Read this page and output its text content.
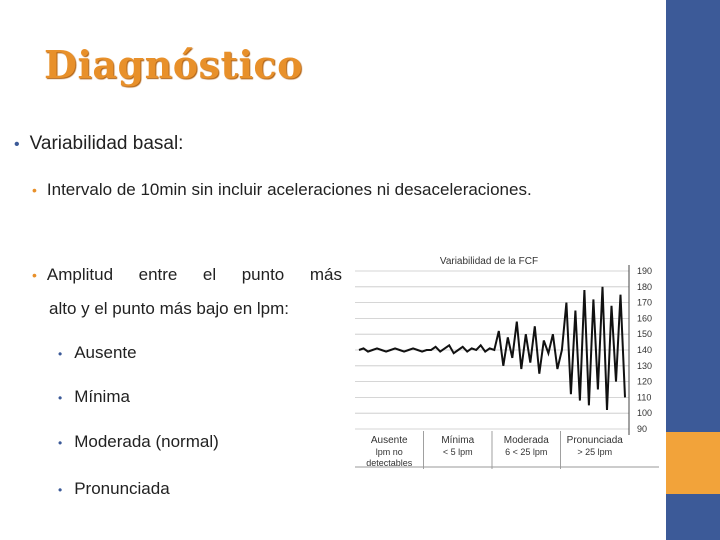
Diagnóstico
• Variabilidad basal:
• Intervalo de 10min sin incluir aceleraciones ni desaceleraciones.
• Amplitud entre el punto más
alto y el punto más bajo en lpm:
• Ausente
• Mínima
• Moderada (normal)
• Pronunciada
Variabilidad de la FCF
190
180
170
160
150
140
130
120
110
100
90
Ausente
lpm no
detectables
Mínima
< 5 lpm
Moderada
6 < 25 lpm
Pronunciada
> 25 lpm
